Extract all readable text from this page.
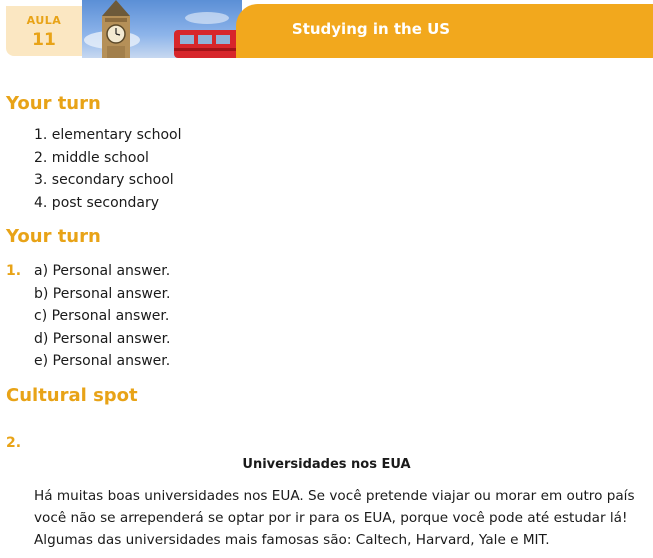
AULA
11
Studying in the US
Your turn
1. elementary school
2. middle school
3. secondary school
4. post secondary
Your turn
1. a) Personal answer.
b) Personal answer.
c) Personal answer.
d) Personal answer.
e) Personal answer.
Cultural spot
2.
Universidades nos EUA
Há muitas boas universidades nos EUA. Se você pretende viajar ou morar em outro país
você não se arrependerá se optar por ir para os EUA, porque você pode até estudar lá!
Algumas das universidades mais famosas são: Caltech, Harvard, Yale e MIT.
